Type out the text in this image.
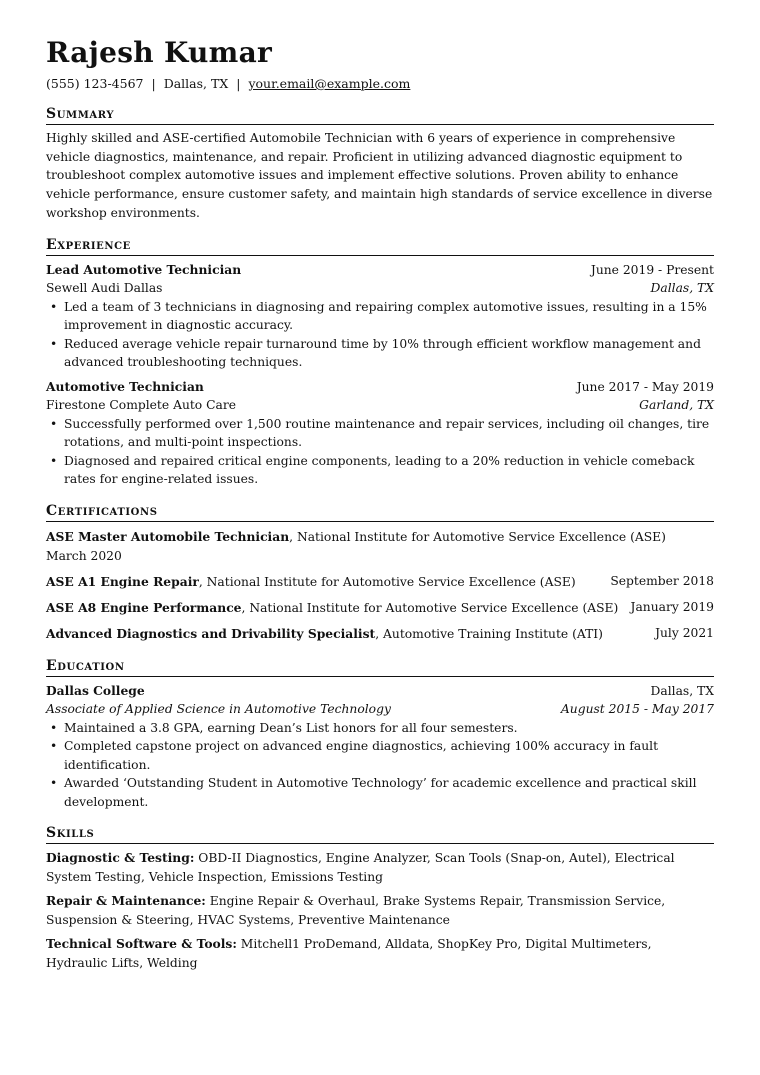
Rajesh Kumar
(555) 123-4567 | Dallas, TX | your.email@example.com
Summary
Highly skilled and ASE-certified Automobile Technician with 6 years of experience in comprehensive vehicle diagnostics, maintenance, and repair. Proficient in utilizing advanced diagnostic equipment to troubleshoot complex automotive issues and implement effective solutions. Proven ability to enhance vehicle performance, ensure customer safety, and maintain high standards of service excellence in diverse workshop environments.
Experience
Lead Automotive Technician	June 2019 - Present
Sewell Audi Dallas	Dallas, TX
• Led a team of 3 technicians in diagnosing and repairing complex automotive issues, resulting in a 15% improvement in diagnostic accuracy.
• Reduced average vehicle repair turnaround time by 10% through efficient workflow management and advanced troubleshooting techniques.
Automotive Technician	June 2017 - May 2019
Firestone Complete Auto Care	Garland, TX
• Successfully performed over 1,500 routine maintenance and repair services, including oil changes, tire rotations, and multi-point inspections.
• Diagnosed and repaired critical engine components, leading to a 20% reduction in vehicle comeback rates for engine-related issues.
Certifications
ASE Master Automobile Technician, National Institute for Automotive Service Excellence (ASE)
March 2020
ASE A1 Engine Repair, National Institute for Automotive Service Excellence (ASE)	September 2018
ASE A8 Engine Performance, National Institute for Automotive Service Excellence (ASE) January 2019
Advanced Diagnostics and Drivability Specialist, Automotive Training Institute (ATI)	July 2021
Education
Dallas College	Dallas, TX
Associate of Applied Science in Automotive Technology	August 2015 - May 2017
• Maintained a 3.8 GPA, earning Dean’s List honors for all four semesters.
• Completed capstone project on advanced engine diagnostics, achieving 100% accuracy in fault identification.
• Awarded ‘Outstanding Student in Automotive Technology’ for academic excellence and practical skill development.
Skills
Diagnostic & Testing: OBD-II Diagnostics, Engine Analyzer, Scan Tools (Snap-on, Autel), Electrical System Testing, Vehicle Inspection, Emissions Testing
Repair & Maintenance: Engine Repair & Overhaul, Brake Systems Repair, Transmission Service, Suspension & Steering, HVAC Systems, Preventive Maintenance
Technical Software & Tools: Mitchell1 ProDemand, Alldata, ShopKey Pro, Digital Multimeters, Hydraulic Lifts, Welding
